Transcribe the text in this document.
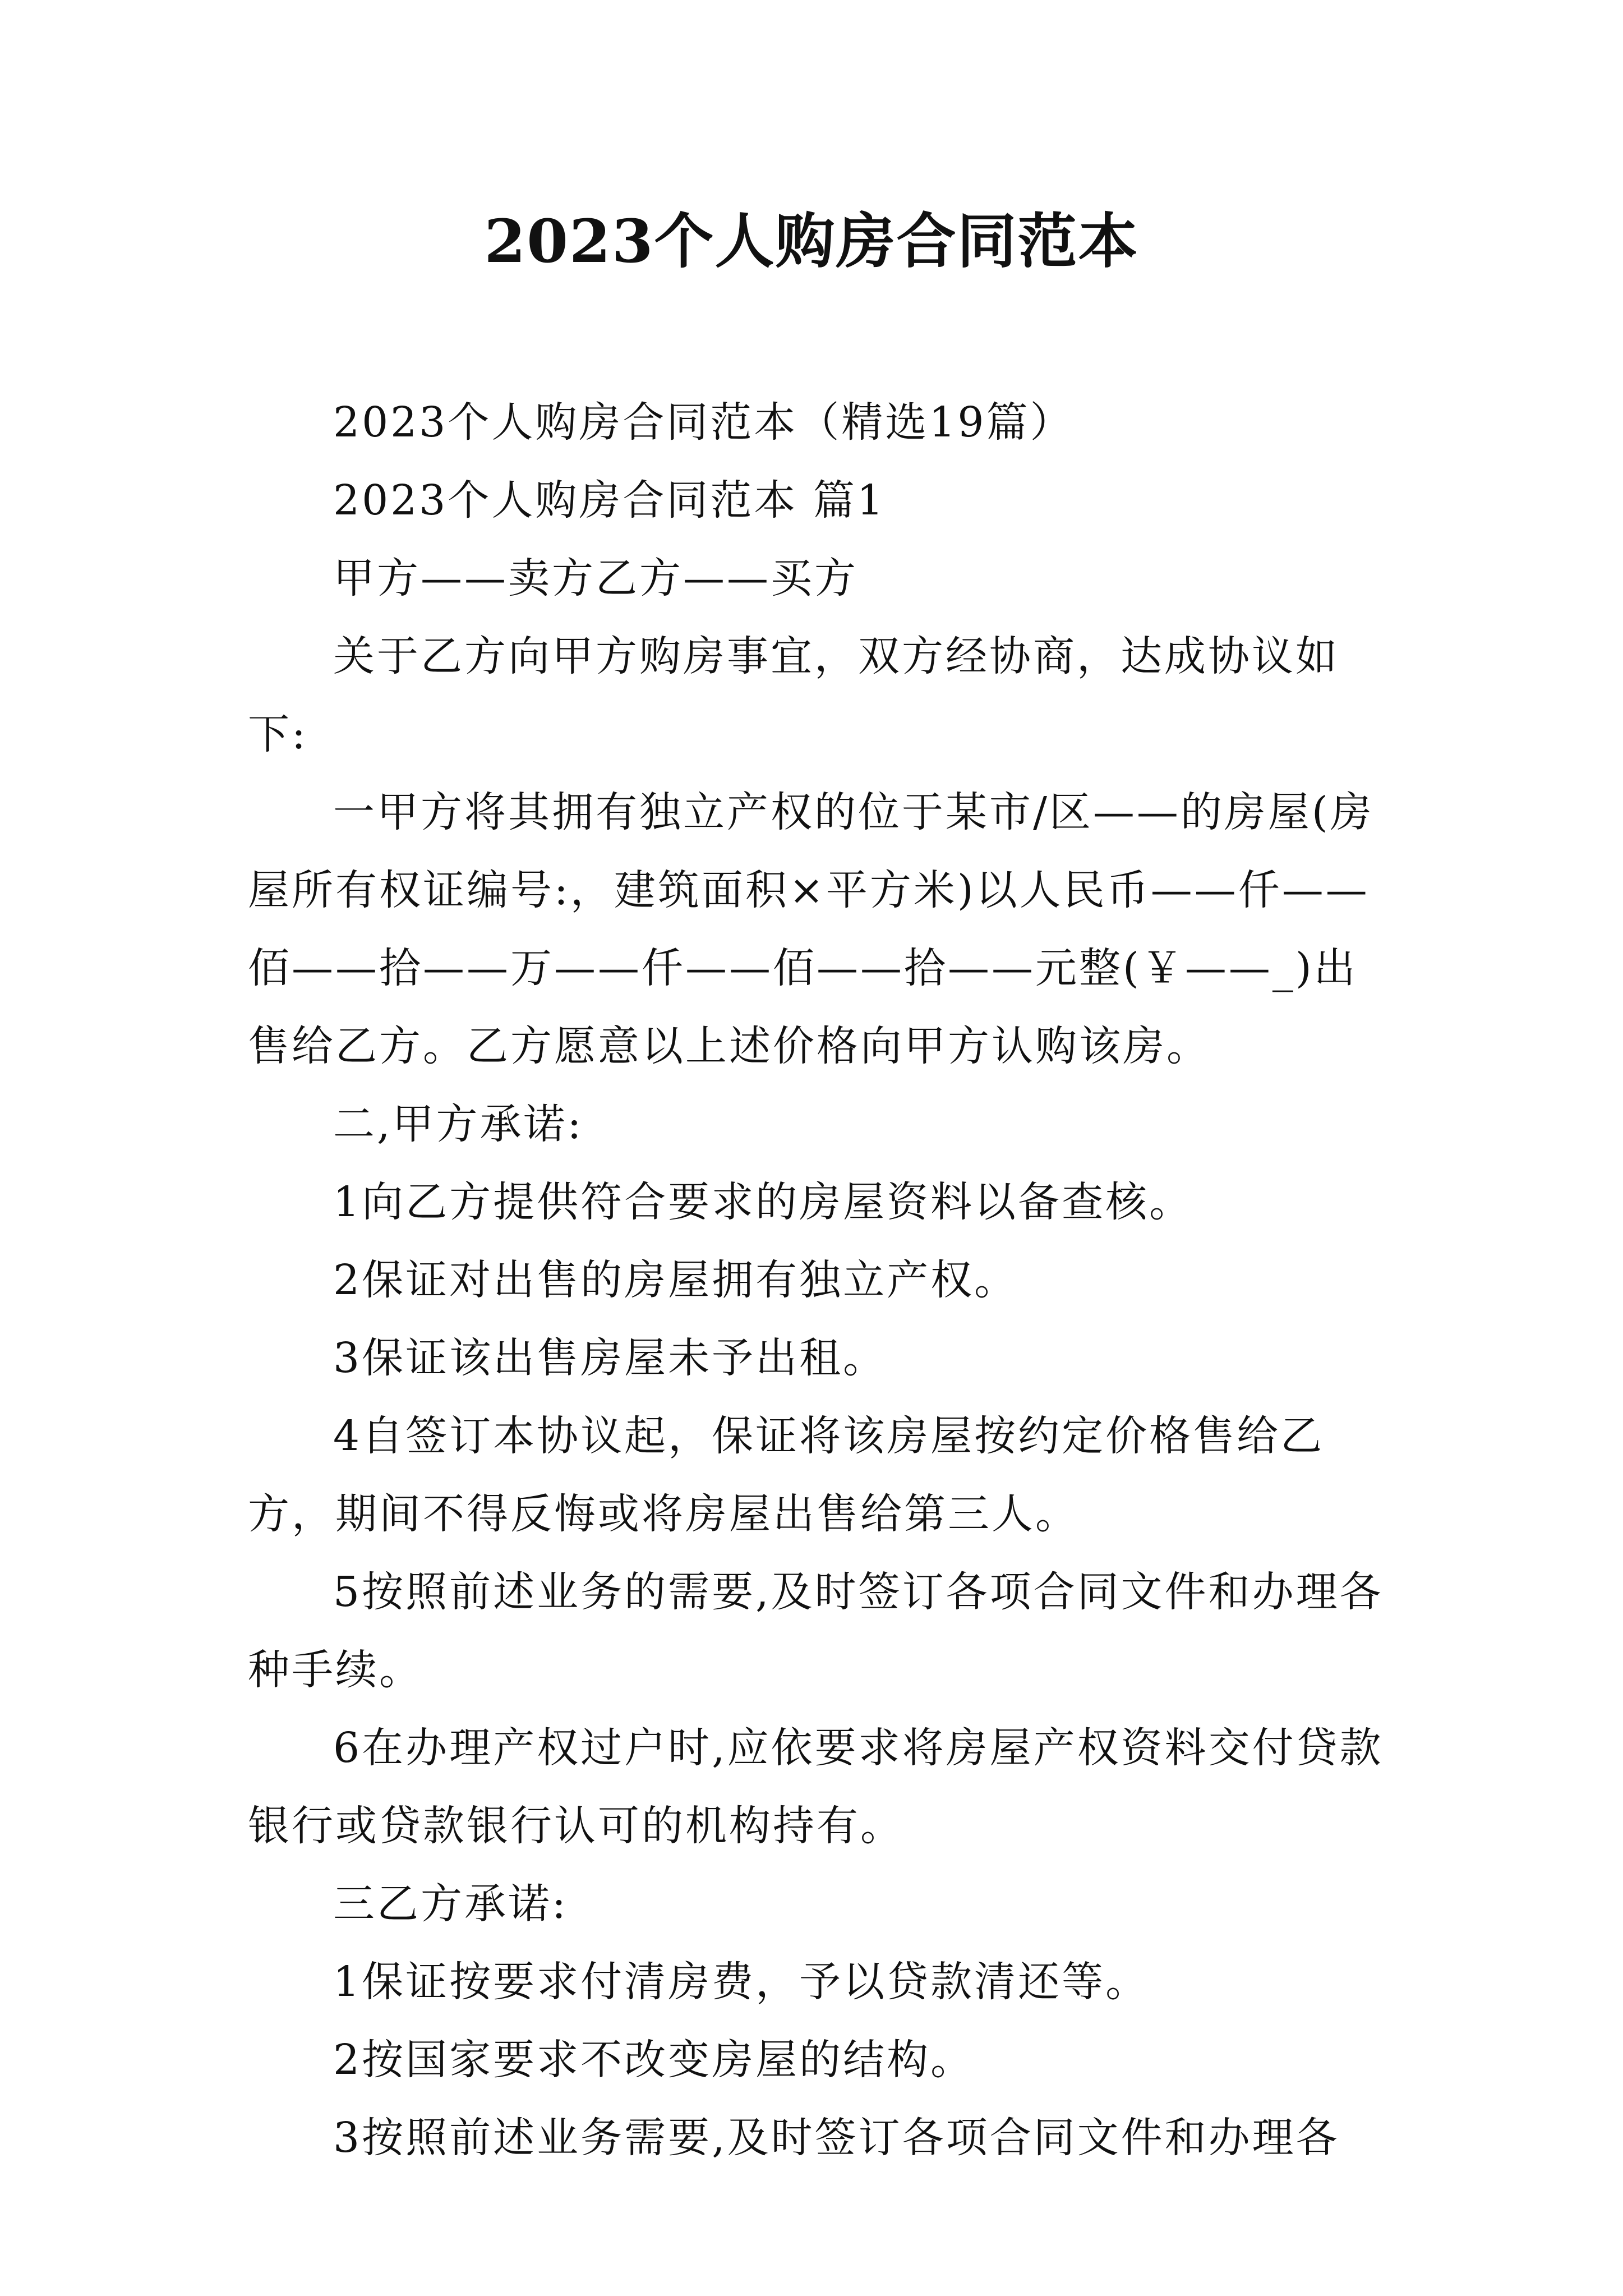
2023个人购房合同范本

2023个人购房合同范本（精选19篇）

2023个人购房合同范本 篇1

甲方——卖方乙方——买方

关于乙方向甲方购房事宜，双方经协商，达成协议如下:

一甲方将其拥有独立产权的位于某市/区——的房屋(房屋所有权证编号:，建筑面积×平方米)以人民币——仟——佰——拾——万——仟——佰——拾——元整(￥——_)出售给乙方。乙方愿意以上述价格向甲方认购该房。

二,甲方承诺:

1向乙方提供符合要求的房屋资料以备查核。

2保证对出售的房屋拥有独立产权。

3保证该出售房屋未予出租。

4自签订本协议起，保证将该房屋按约定价格售给乙方，期间不得反悔或将房屋出售给第三人。

5按照前述业务的需要,及时签订各项合同文件和办理各种手续。

6在办理产权过户时,应依要求将房屋产权资料交付贷款银行或贷款银行认可的机构持有。

三乙方承诺:

1保证按要求付清房费，予以贷款清还等。

2按国家要求不改变房屋的结构。

3按照前述业务需要,及时签订各项合同文件和办理各
